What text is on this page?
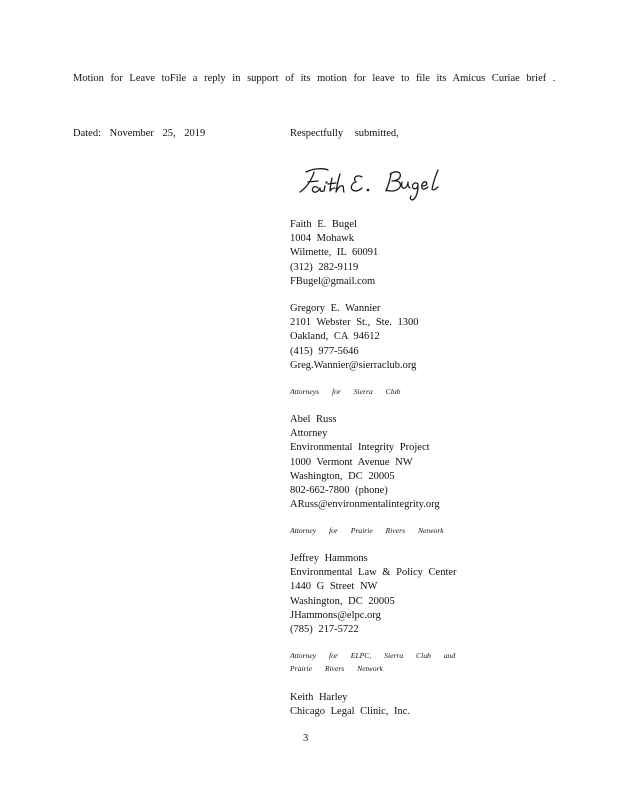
Motion for Leave toFile a reply in support of its motion for leave to file its Amicus Curiae brief .
Dated: November 25, 2019	Respectfully submitted,
Faith E. Bugel
1004 Mohawk
Wilmette, IL 60091
(312) 282-9119
FBugel@gmail.com
Gregory E. Wannier
2101 Webster St., Ste. 1300
Oakland, CA 94612
(415) 977-5646
Greg.Wannier@sierraclub.org
Attorneys for Sierra Club
Abel Russ
Attorney
Environmental Integrity Project
1000 Vermont Avenue NW
Washington, DC 20005
802-662-7800 (phone)
ARuss@environmentalintegrity.org
Attorney for Prairie Rivers Network
Jeffrey Hammons
Environmental Law & Policy Center
1440 G Street NW
Washington, DC 20005
JHammons@elpc.org
(785) 217-5722
Attorney for ELPC, Sierra Club and
Prairie Rivers Network
Keith Harley
Chicago Legal Clinic, Inc.
3
